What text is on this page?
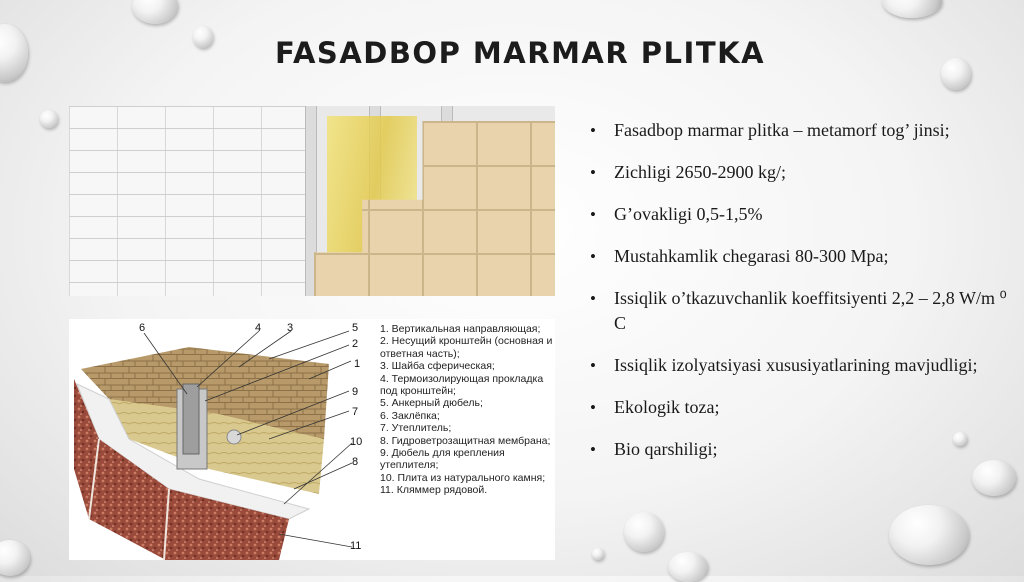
FASADBOP MARMAR PLITKA
6	4 3	5
2
1
9
7
10
8
11
1. Вертикальная направляющая;
2. Несущий кронштейн (основная и ответная часть);
3. Шайба сферическая;
4. Термоизолирующая прокладка под кронштейн;
5. Анкерный дюбель;
6. Заклёпка;
7. Утеплитель;
8. Гидроветрозащитная мембрана;
9. Дюбель для крепления утеплителя;
10. Плита из натурального камня;
11. Кляммер рядовой.
• Fasadbop marmar plitka – metamorf tog’ jinsi;
• Zichligi 2650-2900 kg/;
• G’ovakligi 0,5-1,5%
• Mustahkamlik chegarasi 80-300 Mpa;
• Issiqlik o’tkazuvchanlik koeffitsiyenti 2,2 – 2,8 W/m ⁰ C
• Issiqlik izolyatsiyasi xususiyatlarining mavjudligi;
• Ekologik toza;
• Bio qarshiligi;
